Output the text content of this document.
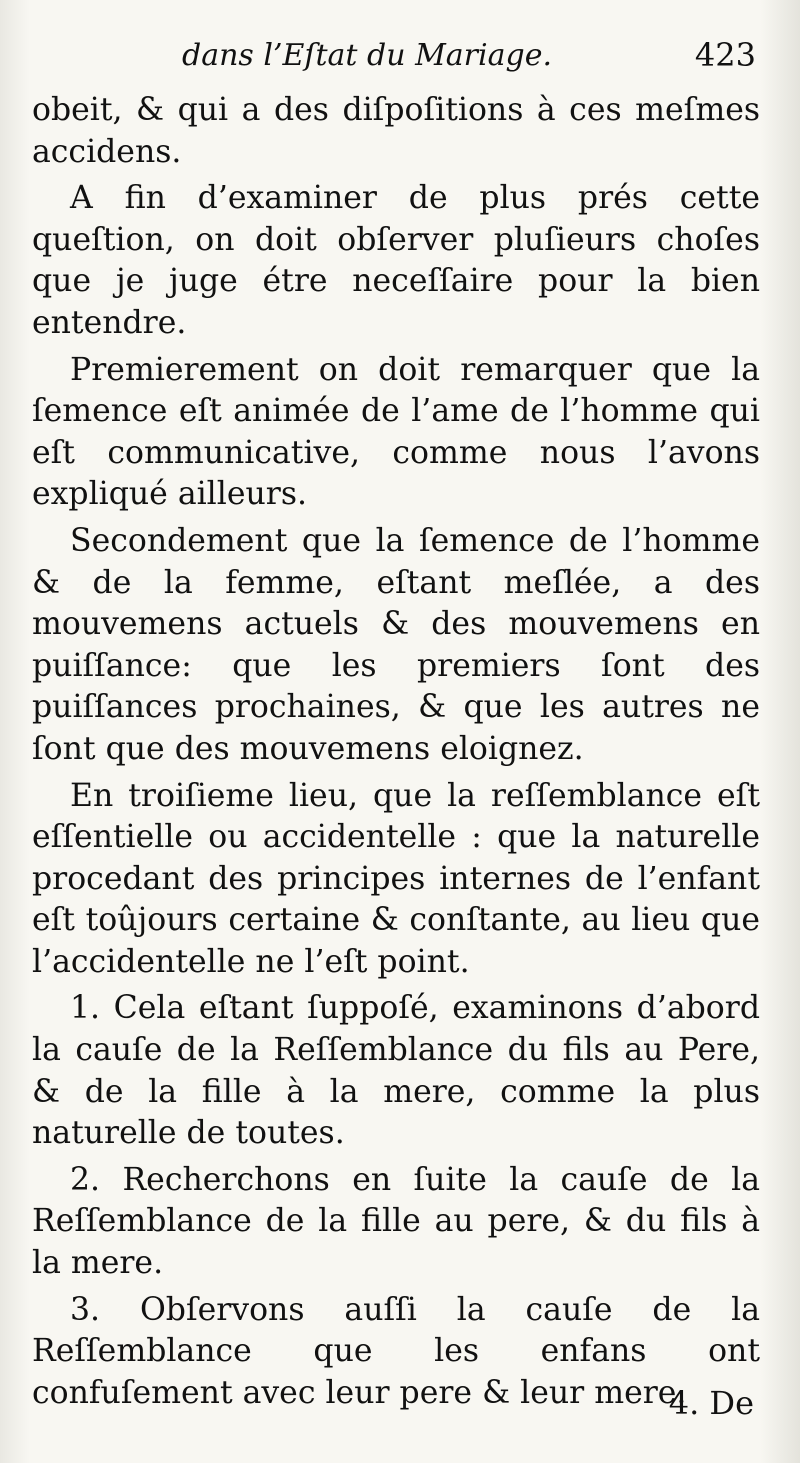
dans l’Eſtat du Mariage.	423

obeit, & qui a des diſpoſitions à ces meſmes accidens.

A fin d’examiner de plus prés cette queſtion, on doit obſerver pluſieurs choſes que je juge étre neceſſaire pour la bien entendre.

Premierement on doit remarquer que la ſemence eſt animée de l’ame de l’homme qui eſt communicative, comme nous l’avons expliqué ailleurs.

Secondement que la ſemence de l’homme & de la femme, eſtant meſlée, a des mouvemens actuels & des mouvemens en puiſſance: que les premiers ſont des puiſſances prochaines, & que les autres ne ſont que des mouvemens eloignez.

En troiſieme lieu, que la reſſemblance eſt eſſentielle ou accidentelle : que la naturelle procedant des principes internes de l’enfant eſt toûjours certaine & conſtante, au lieu que l’accidentelle ne l’eſt point.

1. Cela eſtant ſuppoſé, examinons d’abord la cauſe de la Reſſemblance du fils au Pere, & de la fille à la mere, comme la plus naturelle de toutes.

2. Recherchons en ſuite la cauſe de la Reſſemblance de la fille au pere, & du fils à la mere.

3. Obſervons auſſi la cauſe de la Reſſemblance que les enfans ont confuſement avec leur pere & leur mere.

4. De
